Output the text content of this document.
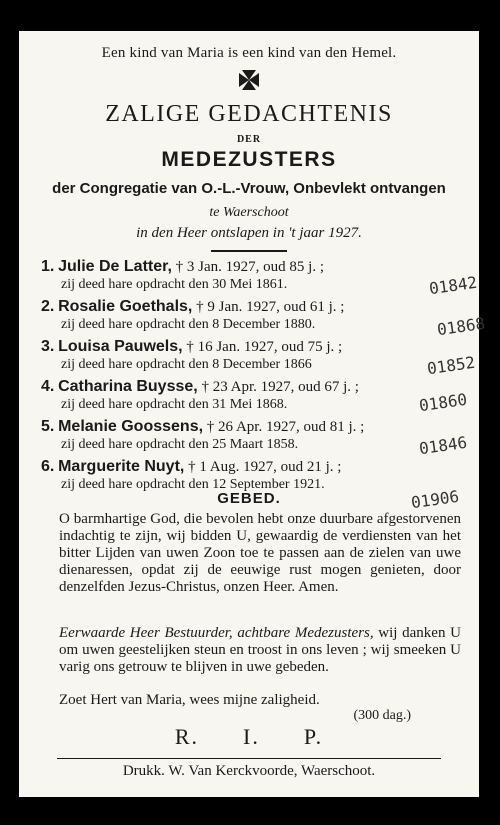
Een kind van Maria is een kind van den Hemel.
ZALIGE GEDACHTENIS
DER
MEDEZUSTERS
der Congregatie van O.-L.-Vrouw, Onbevlekt ontvangen
te Waerschoot
in den Heer ontslapen in 't jaar 1927.
1. Julie De Latter, † 3 Jan. 1927, oud 85 j. ;
zij deed hare opdracht den 30 Mei 1861.
2. Rosalie Goethals, † 9 Jan. 1927, oud 61 j. ;
zij deed hare opdracht den 8 December 1880.
3. Louisa Pauwels, † 16 Jan. 1927, oud 75 j. ;
zij deed hare opdracht den 8 December 1866
4. Catharina Buysse, † 23 Apr. 1927, oud 67 j. ;
zij deed hare opdracht den 31 Mei 1868.
5. Melanie Goossens, † 26 Apr. 1927, oud 81 j. ;
zij deed hare opdracht den 25 Maart 1858.
6. Marguerite Nuyt, † 1 Aug. 1927, oud 21 j. ;
zij deed hare opdracht den 12 September 1921.
01842
01868
01852
01860
01846
01906
GEBED.
O barmhartige God, die bevolen hebt onze duurbare afgestorvenen indachtig te zijn, wij bidden U, gewaardig de verdiensten van het bitter Lijden van uwen Zoon toe te passen aan de zielen van uwe dienaressen, opdat zij de eeuwige rust mogen genieten, door denzelfden Jezus-Christus, onzen Heer. Amen.
Eerwaarde Heer Bestuurder, achtbare Medezusters, wij danken U om uwen geestelijken steun en troost in ons leven ; wij smeeken U varig ons getrouw te blijven in uwe gebeden.
Zoet Hert van Maria, wees mijne zaligheid.
(300 dag.)
R. I. P.
Drukk. W. Van Kerckvoorde, Waerschoot.
